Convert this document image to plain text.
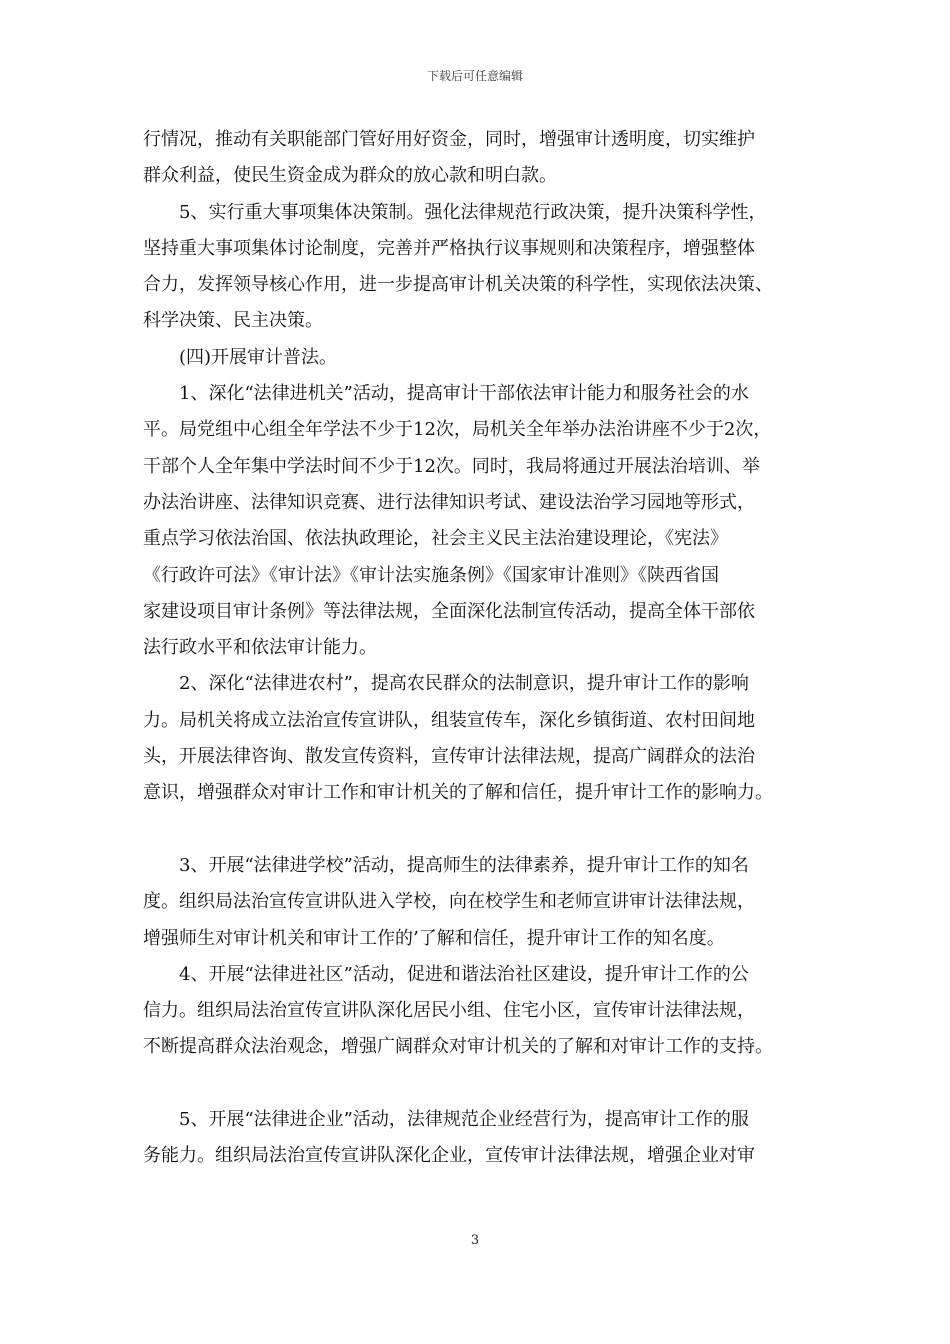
下载后可任意编辑
行情况，推动有关职能部门管好用好资金，同时，增强审计透明度，切实维护
群众利益，使民生资金成为群众的放心款和明白款。
　　5、实行重大事项集体决策制。强化法律规范行政决策，提升决策科学性，
坚持重大事项集体讨论制度，完善并严格执行议事规则和决策程序，增强整体
合力，发挥领导核心作用，进一步提高审计机关决策的科学性，实现依法决策、
科学决策、民主决策。
　　(四)开展审计普法。
　　1、深化“法律进机关”活动，提高审计干部依法审计能力和服务社会的水
平。局党组中心组全年学法不少于12次，局机关全年举办法治讲座不少于2次，
干部个人全年集中学法时间不少于12次。同时，我局将通过开展法治培训、举
办法治讲座、法律知识竞赛、进行法律知识考试、建设法治学习园地等形式，
重点学习依法治国、依法执政理论，社会主义民主法治建设理论，《宪法》
《行政许可法》《审计法》《审计法实施条例》《国家审计准则》《陕西省国
家建设项目审计条例》等法律法规，全面深化法制宣传活动，提高全体干部依
法行政水平和依法审计能力。
　　2、深化“法律进农村”，提高农民群众的法制意识，提升审计工作的影响
力。局机关将成立法治宣传宣讲队，组装宣传车，深化乡镇街道、农村田间地
头，开展法律咨询、散发宣传资料，宣传审计法律法规，提高广阔群众的法治
意识，增强群众对审计工作和审计机关的了解和信任，提升审计工作的影响力。
　　3、开展“法律进学校”活动，提高师生的法律素养，提升审计工作的知名
度。组织局法治宣传宣讲队进入学校，向在校学生和老师宣讲审计法律法规，
增强师生对审计机关和审计工作的’了解和信任，提升审计工作的知名度。
　　4、开展“法律进社区”活动，促进和谐法治社区建设，提升审计工作的公
信力。组织局法治宣传宣讲队深化居民小组、住宅小区，宣传审计法律法规，
不断提高群众法治观念，增强广阔群众对审计机关的了解和对审计工作的支持。
　　5、开展“法律进企业”活动，法律规范企业经营行为，提高审计工作的服
务能力。组织局法治宣传宣讲队深化企业，宣传审计法律法规，增强企业对审
3
